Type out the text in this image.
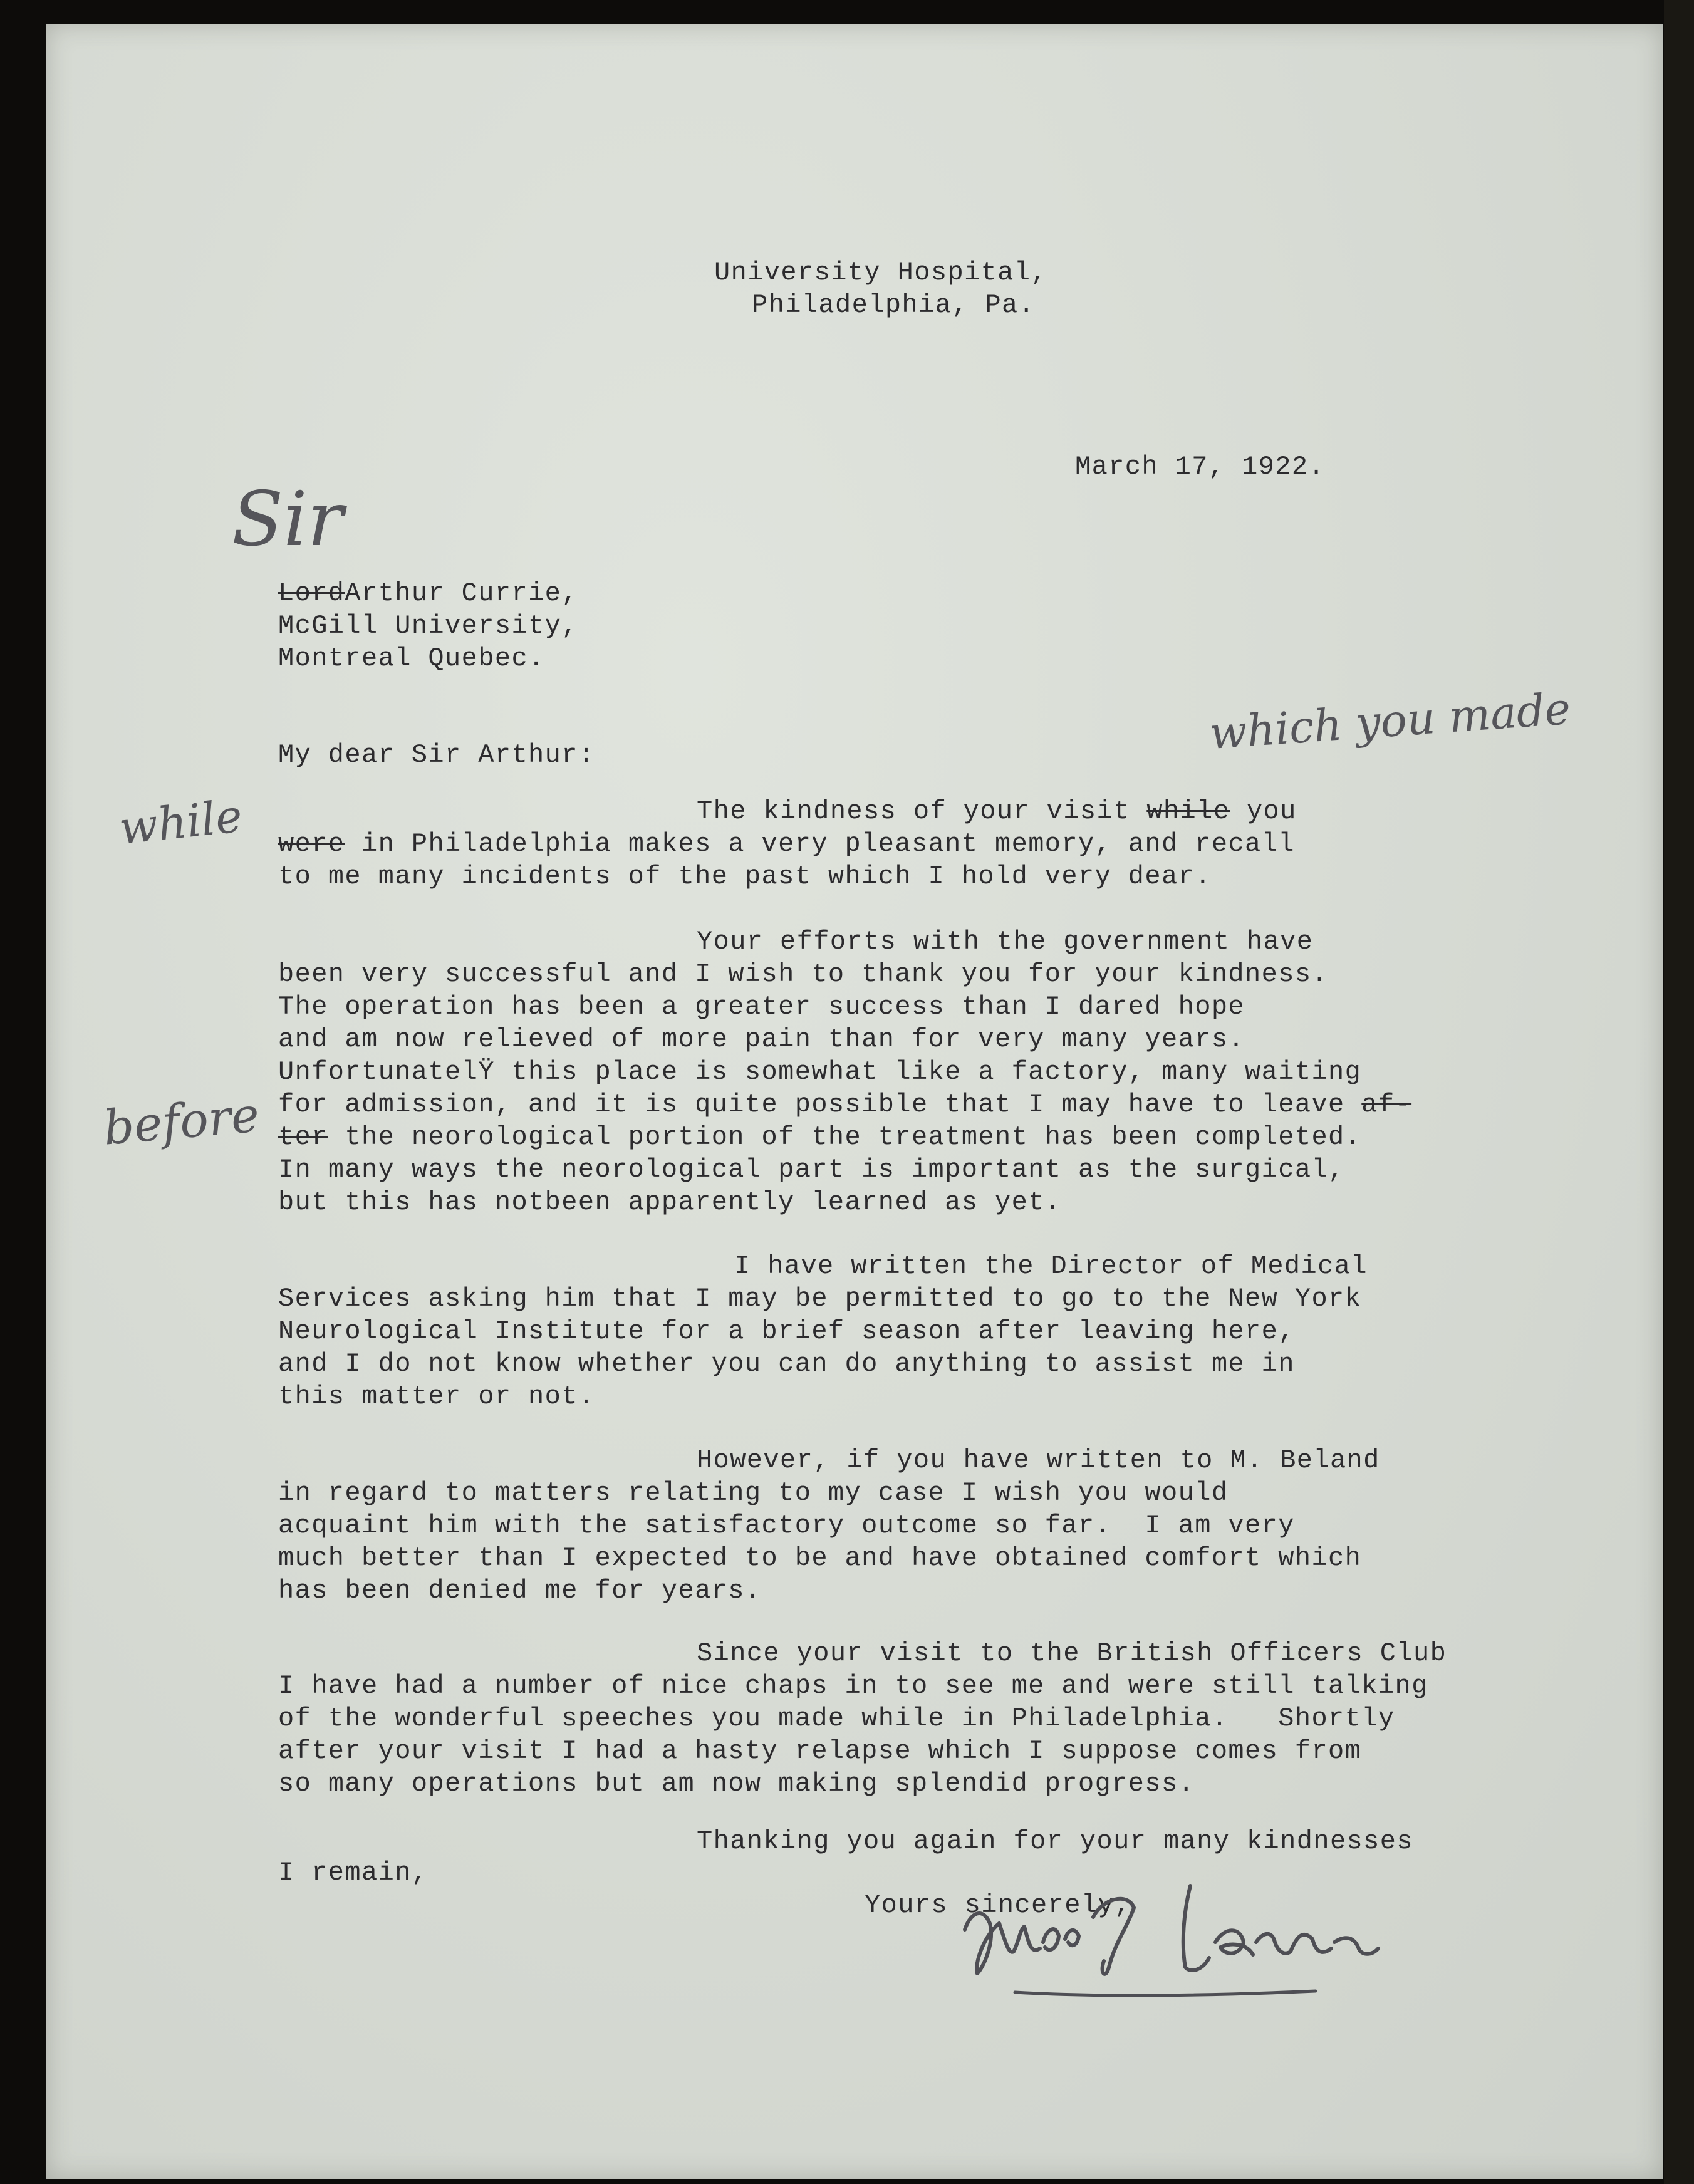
University Hospital,

Philadelphia, Pa.

March 17, 1922.

Sir

LordArthur Currie,

McGill University,

Montreal Quebec.

My dear Sir Arthur:	which you made
while
before

The kindness of your visit while you

were in Philadelphia makes a very pleasant memory, and recall

to me many incidents of the past which I hold very dear.

Your efforts with the government have

been very successful and I wish to thank you for your kindness.

The operation has been a greater success than I dared hope

and am now relieved of more pain than for very many years.

UnfortunatelŸ this place is somewhat like a factory, many waiting

for admission, and it is quite possible that I may have to leave af-

ter the neorological portion of the treatment has been completed.

In many ways the neorological part is important as the surgical,

but this has notbeen apparently learned as yet.

I have written the Director of Medical

Services asking him that I may be permitted to go to the New York

Neurological Institute for a brief season after leaving here,

and I do not know whether you can do anything to assist me in

this matter or not.

However, if you have written to M. Beland

in regard to matters relating to my case I wish you would

acquaint him with the satisfactory outcome so far.  I am very

much better than I expected to be and have obtained comfort which

has been denied me for years.

Since your visit to the British Officers Club

I have had a number of nice chaps in to see me and were still talking

of the wonderful speeches you made while in Philadelphia.   Shortly

after your visit I had a hasty relapse which I suppose comes from

so many operations but am now making splendid progress.

Thanking you again for your many kindnesses

I remain,

Yours sincerely,
